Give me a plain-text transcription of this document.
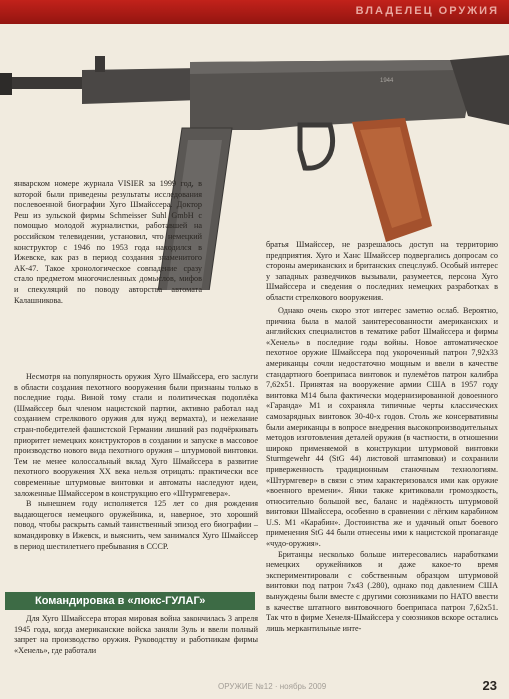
ВЛАДЕЛЕЦ ОРУЖИЯ
1944

январском номере журнала VISIER за 1999 год, в которой были приведены результаты исследования послевоенной биографии Хуго Шмайссера. Доктор Реш из зульской фирмы Schmeisser Suhl GmbH с помощью молодой журналистки, работавшей на российском телевидении, установил, что немецкий конструктор с 1946 по 1953 года находился в Ижевске, как раз в период создания знаменитого АК-47. Такое хронологическое совпадение сразу стало предметом многочисленных домыслов, мифов и спекуляций по поводу авторства автомата Калашникова.

Несмотря на популярность оружия Хуго Шмайссера, его заслуги в области создания пехотного вооружения были признаны только в последние годы. Виной тому стали и политическая подоплёка (Шмайссер был членом нацистской партии, активно работал над созданием стрелкового оружия для нужд вермахта), и нежелание стран-победителей фашистской Германии лишний раз подчёркивать приоритет немецких конструкторов в создании и запуске в массовое производство нового вида пехотного оружия – штурмовой винтовки. Тем не менее колоссальный вклад Хуго Шмайссера в развитие пехотного вооружения XX века нельзя отрицать: практически все современные штурмовые винтовки и автоматы наследуют идеи, заложенные Шмайссером в конструкцию его «Штурмгевера».

В нынешнем году исполняется 125 лет со дня рождения выдающегося немецкого оружейника, и, наверное, это хороший повод, чтобы раскрыть самый таинственный эпизод его биографии – командировку в Ижевск, и выяснить, чем занимался Хуго Шмайссер в период шестилетнего пребывания в СССР.

Командировка в «люкс-ГУЛАГ»

Для Хуго Шмайссера вторая мировая война закончилась 3 апреля 1945 года, когда американские войска заняли Зуль и ввели полный запрет на производство оружия. Руководству и работникам фирмы «Хенель», где работали

братья Шмайссер, не разрешалось доступ на территорию предприятия. Хуго и Ханс Шмайссер подвергались допросам со стороны американских и британских спецслужб. Особый интерес у западных разведчиков вызывали, разумеется, персона Хуго Шмайссера и сведения о последних немецких разработках в области стрелкового вооружения.

Однако очень скоро этот интерес заметно ослаб. Вероятно, причина была в малой заинтересованности американских и английских специалистов в тематике работ Шмайссера и фирмы «Хенель» в последние годы войны. Новое автоматическое пехотное оружие Шмайссера под укороченный патрон 7,92х33 американцы сочли недостаточно мощным и ввели в качестве стандартного боеприпаса винтовок и пулемётов патрон калибра 7,62х51. Принятая на вооружение армии США в 1957 году винтовка M14 была фактически модернизированной довоенного «Гаранда» M1 и сохраняла типичные черты классических самозарядных винтовок 30-40-х годов. Столь же консервативны были американцы в вопросе внедрения высокопроизводительных методов изготовления деталей оружия (в частности, в отношении широко применяемой в конструкции штурмовой винтовки Sturmgewehr 44 (StG 44) листовой штамповки) и сохранили приверженность традиционным станочным технологиям. «Штурмгевер» в связи с этим характеризовался ими как оружие «военного времени». Янки также критиковали громоздкость, относительно большой вес, баланс и надёжность штурмовой винтовки Шмайссера, особенно в сравнении с лёгким карабином U.S. M1 «Карабин». Достоинства же и удачный опыт боевого применения StG 44 были отнесены ими к нацистской пропаганде «чудо-оружия».

Британцы несколько больше интересовались наработками немецких оружейников и даже какое-то время экспериментировали с собственным образцом штурмовой винтовки под патрон 7х43 (.280), однако под давлением США вынуждены были вместе с другими союзниками по НАТО ввести в качестве штатного винтовочного боеприпаса патрон 7,62х51. Так что в фирме Хенеля-Шмайссера у союзников вскоре остались лишь меркантильные инте-

ОРУЖИЕ №12 · ноябрь 2009	23
